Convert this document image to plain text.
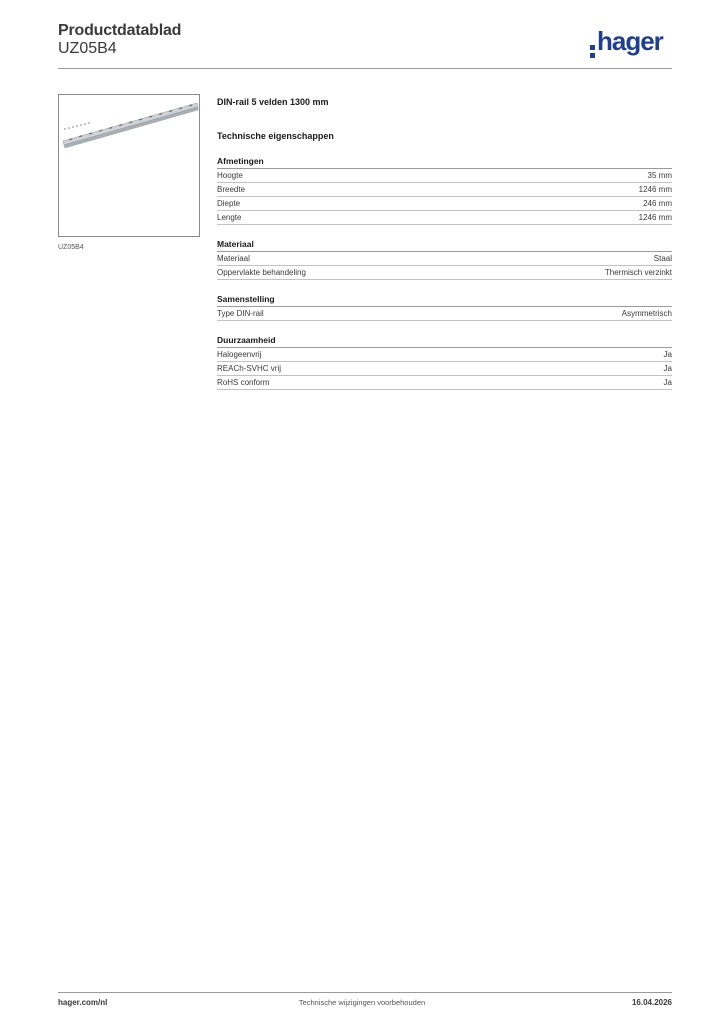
Productdatablad
UZ05B4	hager
UZ05B4
DIN-rail 5 velden 1300 mm
Technische eigenschappen
Afmetingen
Hoogte	35 mm
Breedte	1246 mm
Diepte	246 mm
Lengte	1246 mm
Materiaal
Materiaal	Staal
Oppervlakte behandeling	Thermisch verzinkt
Samenstelling
Type DIN-rail	Asymmetrisch
Duurzaamheid
Halogeenvrij	Ja
REACh-SVHC vrij	Ja
RoHS conform	Ja
hager.com/nl	Technische wijzigingen voorbehouden	16.04.2026
